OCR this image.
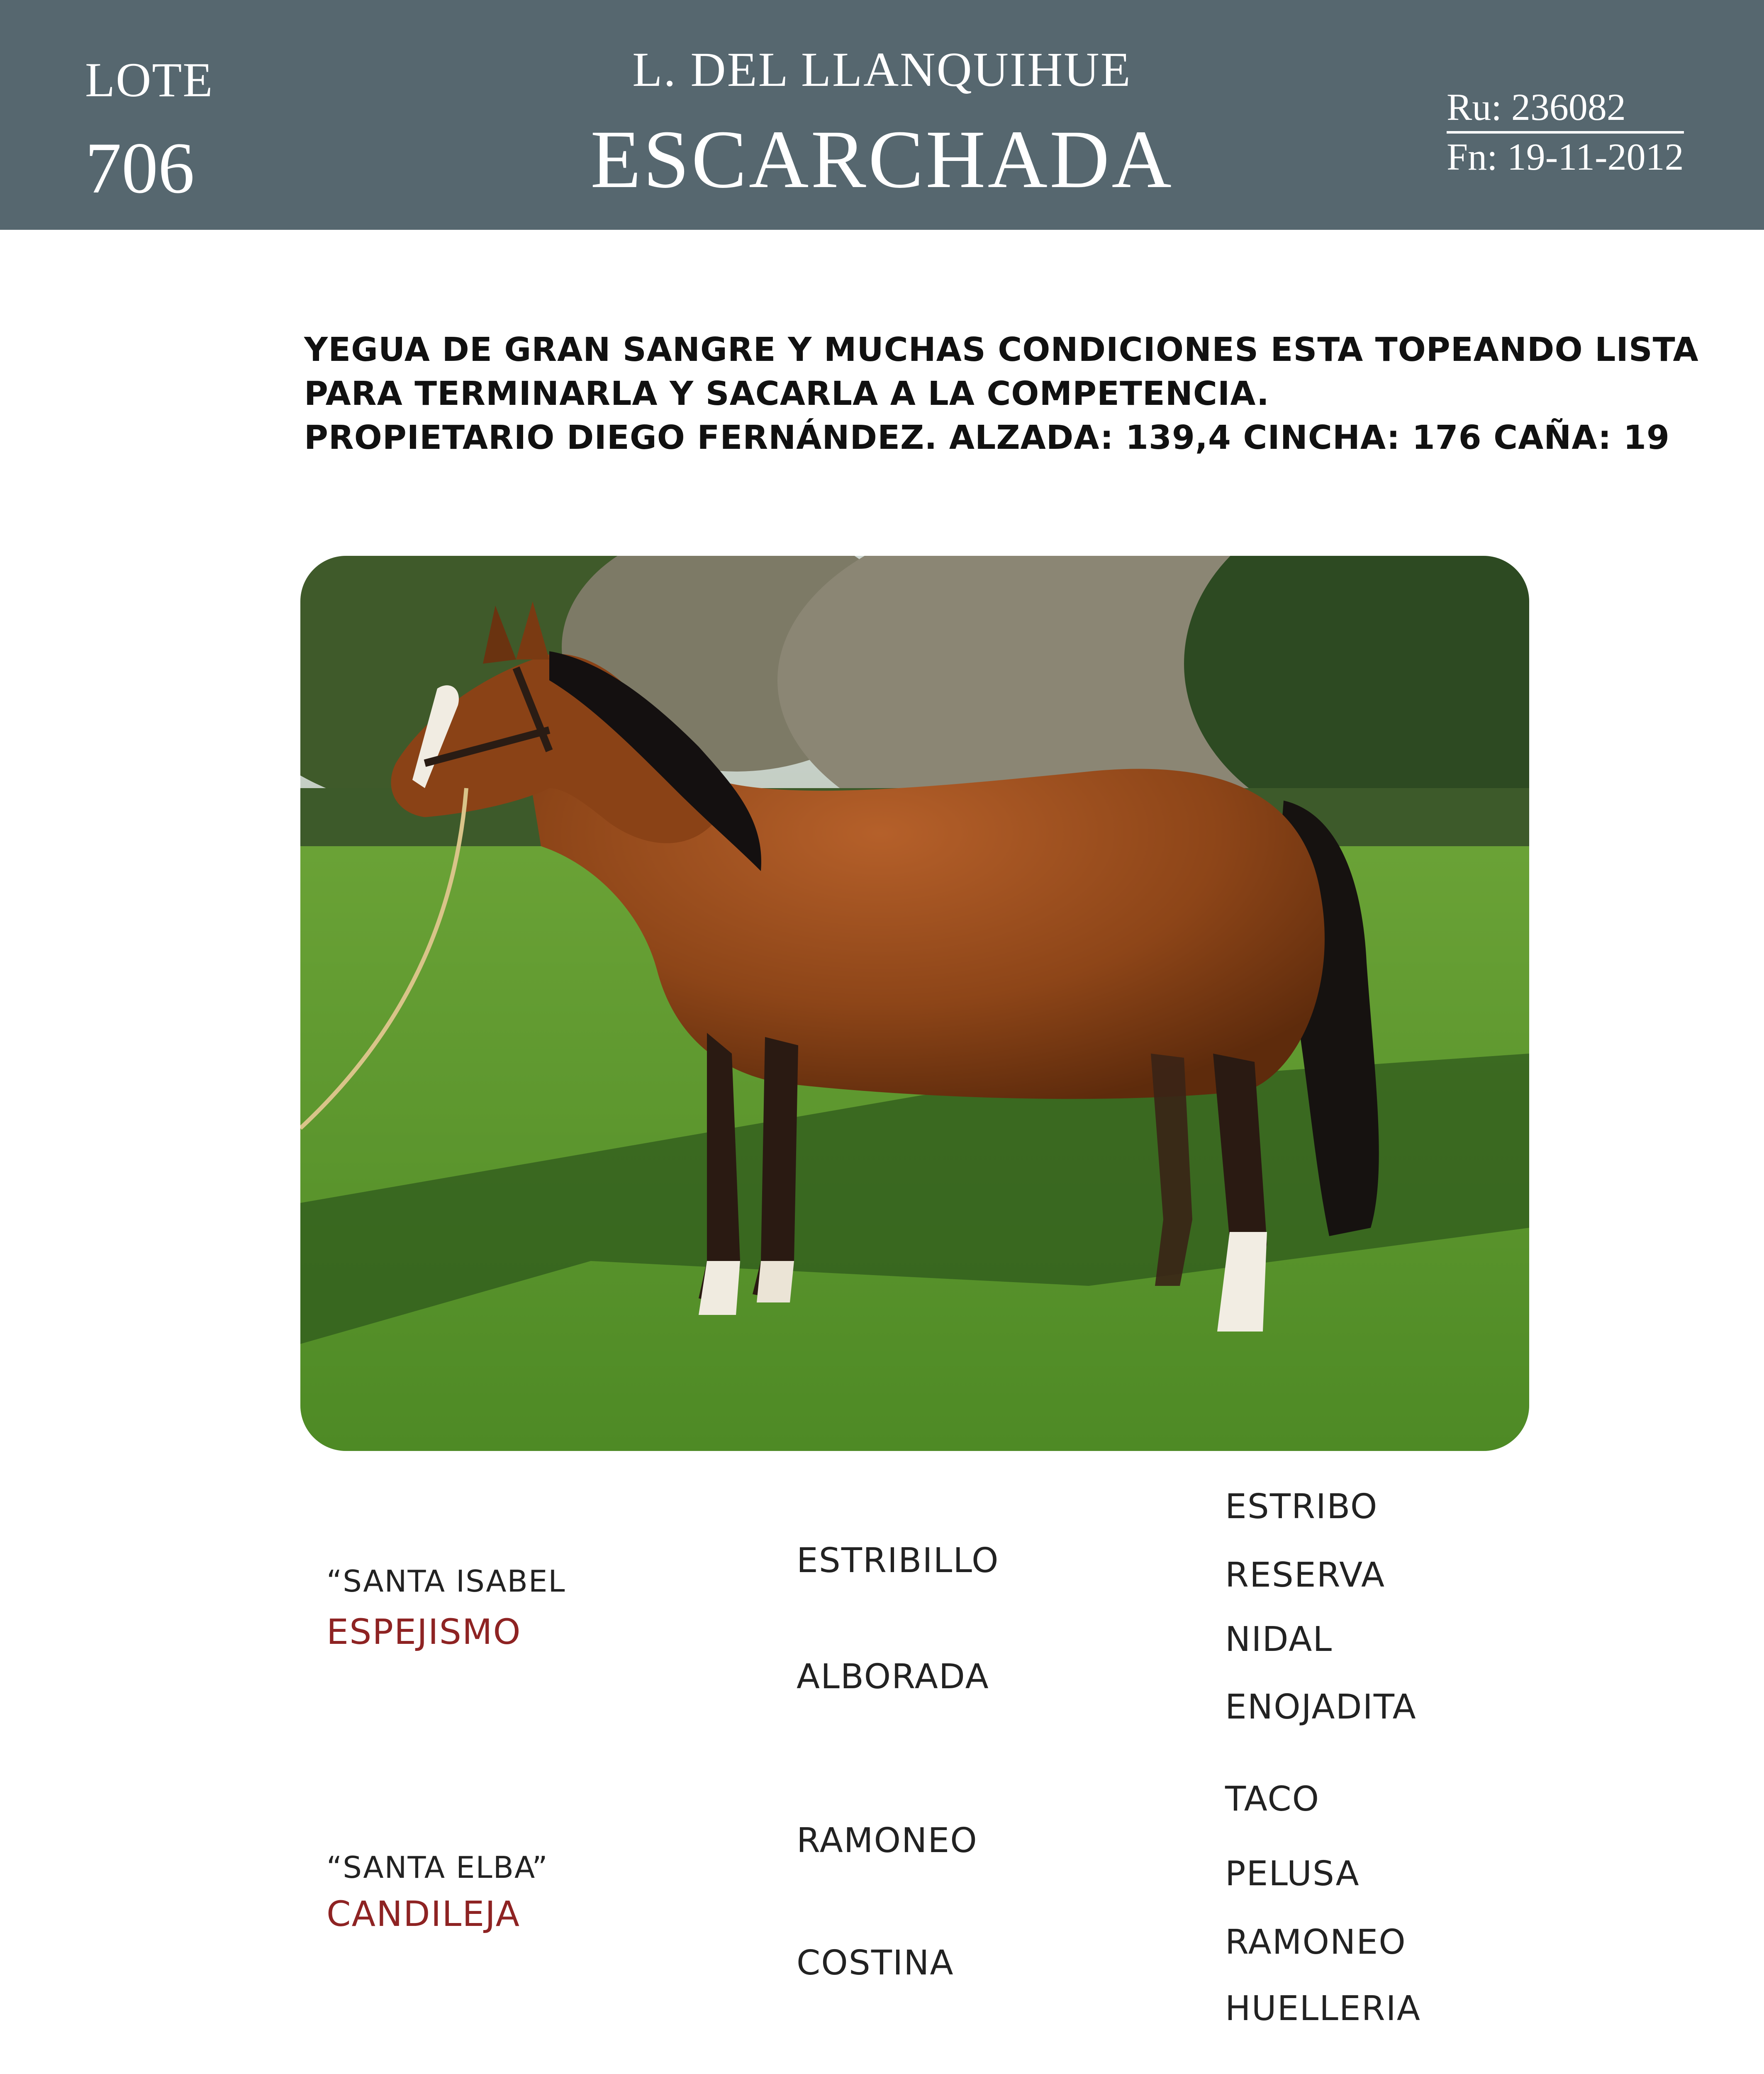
LOTE
706
L. DEL LLANQUIHUE
ESCARCHADA
Ru: 236082
Fn: 19-11-2012
YEGUA DE GRAN SANGRE Y MUCHAS CONDICIONES ESTA TOPEANDO LISTA
PARA TERMINARLA Y SACARLA A LA COMPETENCIA.
PROPIETARIO DIEGO FERNÁNDEZ. ALZADA: 139,4 CINCHA: 176 CAÑA: 19
“SANTA ISABEL
ESPEJISMO
ESTRIBILLO
ALBORADA
ESTRIBO
RESERVA
NIDAL
ENOJADITA
“SANTA ELBA”
CANDILEJA
RAMONEO
COSTINA
TACO
PELUSA
RAMONEO
HUELLERIA
